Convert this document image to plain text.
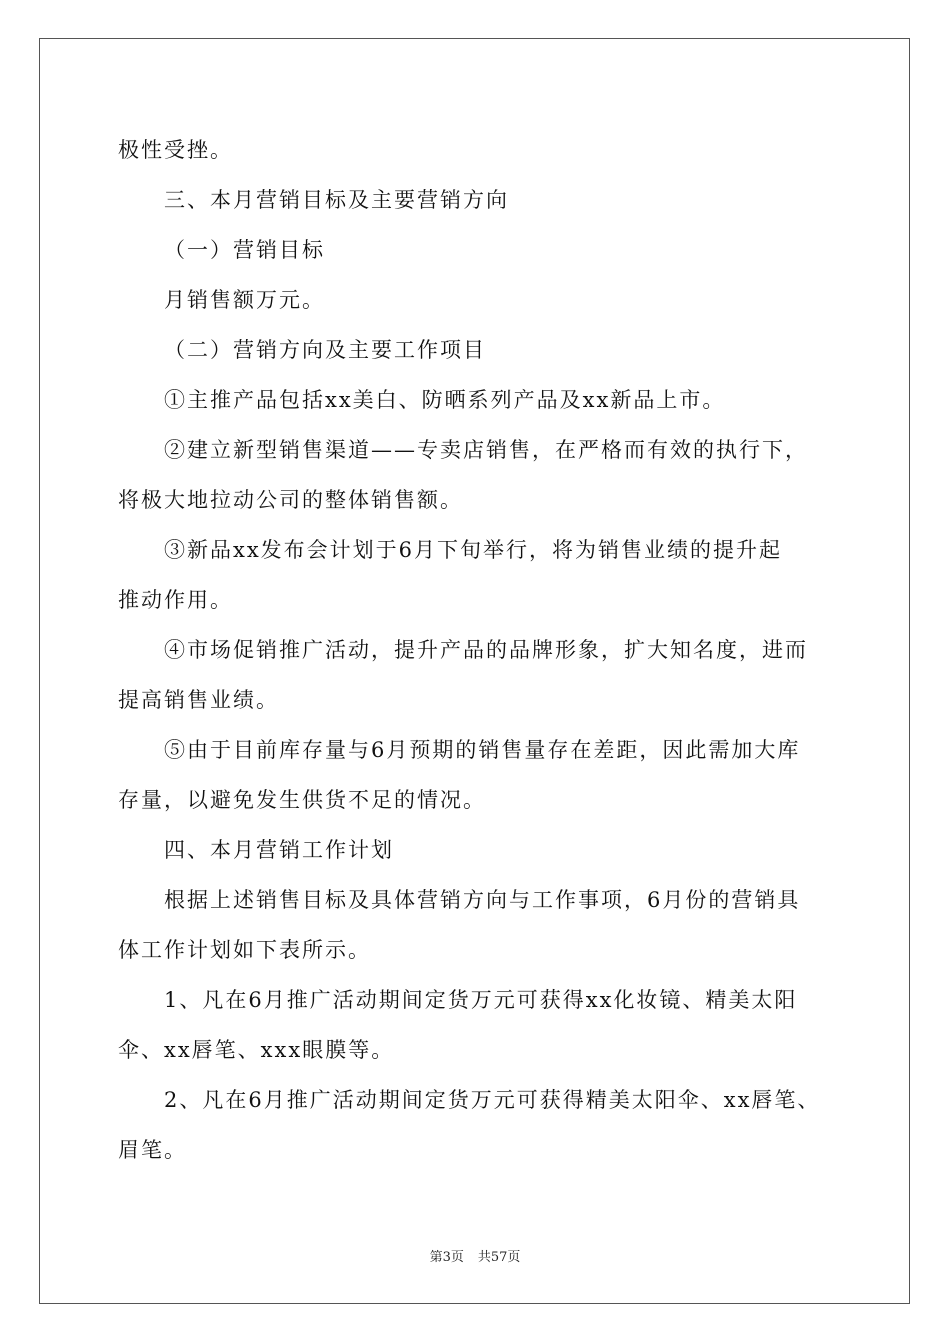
极性受挫。
三、本月营销目标及主要营销方向
（一）营销目标
月销售额万元。
（二）营销方向及主要工作项目
①主推产品包括xx美白、防晒系列产品及xx新品上市。
②建立新型销售渠道——专卖店销售，在严格而有效的执行下，
将极大地拉动公司的整体销售额。
③新品xx发布会计划于6月下旬举行，将为销售业绩的提升起
推动作用。
④市场促销推广活动，提升产品的品牌形象，扩大知名度，进而
提高销售业绩。
⑤由于目前库存量与6月预期的销售量存在差距，因此需加大库
存量，以避免发生供货不足的情况。
四、本月营销工作计划
根据上述销售目标及具体营销方向与工作事项，6月份的营销具
体工作计划如下表所示。
1、凡在6月推广活动期间定货万元可获得xx化妆镜、精美太阳
伞、xx唇笔、xxx眼膜等。
2、凡在6月推广活动期间定货万元可获得精美太阳伞、xx唇笔、
眉笔。
第3页 共57页
